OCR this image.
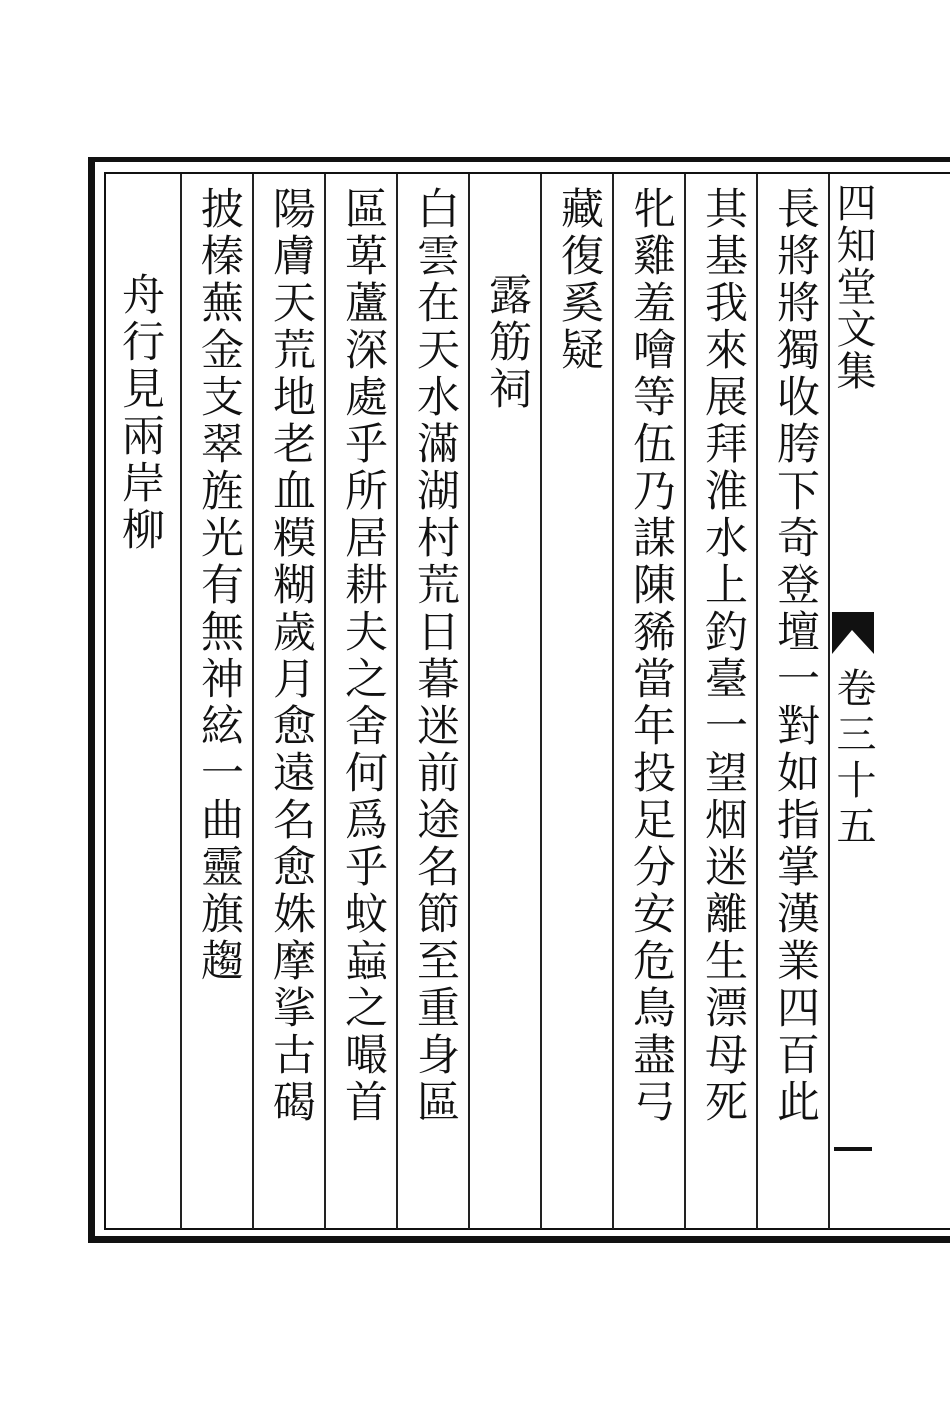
四知堂文集
卷三十五
長將將獨收胯下奇登壇一對如指掌漢業四百此
其基我來展拜淮水上釣臺一望烟迷離生漂母死
牝雞羞噲等伍乃謀陳豨當年投足分安危鳥盡弓
藏復奚疑
露筋祠
白雲在天水滿湖村荒日暮迷前途名節至重身區
區萆蘆深處乎所居耕夫之舍何爲乎蚊蝱之嘬首
陽膚天荒地老血糢糊歲月愈遠名愈姝摩挲古碣
披榛蕪金支翠旌光有無神絃一曲靈旗趨
舟行見兩岸柳
